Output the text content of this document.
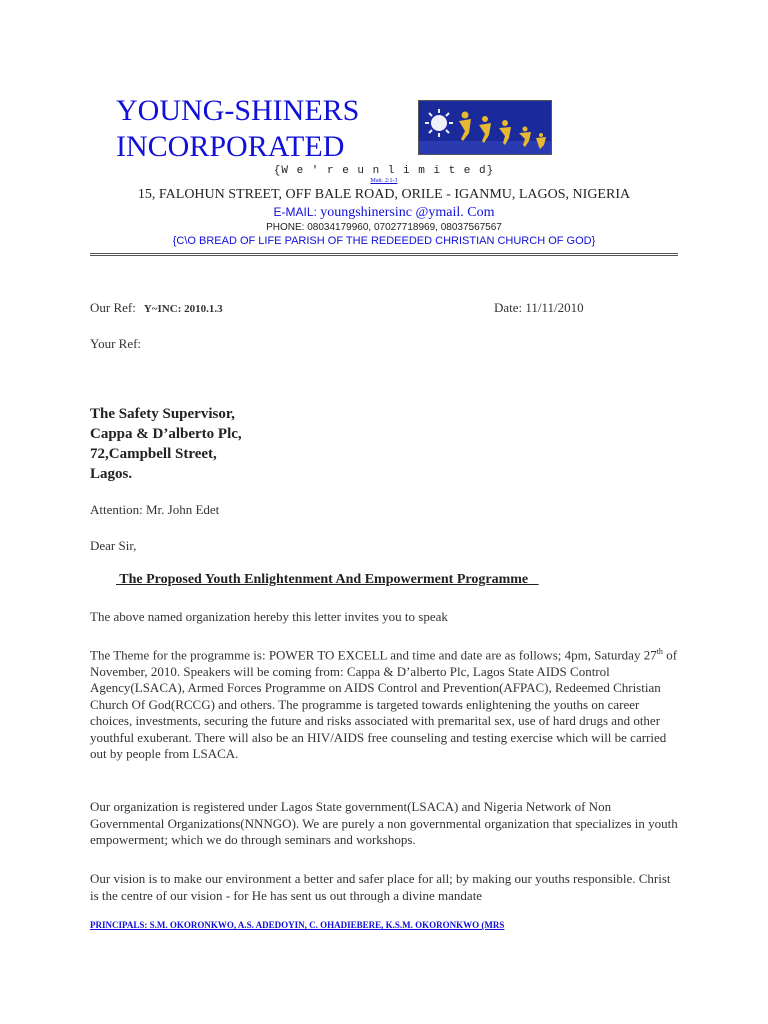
YOUNG-SHINERS
INCORPORATED
{W e ' r e u n l i m i t e d}
Matt. 2:1-3
15, FALOHUN STREET, OFF BALE ROAD, ORILE - IGANMU, LAGOS, NIGERIA
E-MAIL: youngshinersinc @ymail. Com
PHONE: 08034179960, 07027718969, 08037567567
{C\O BREAD OF LIFE PARISH OF THE REDEEDED CHRISTIAN CHURCH OF GOD}
Our Ref: Y~INC: 2010.1.3	Date: 11/11/2010
Your Ref:
The Safety Supervisor,
Cappa & D’alberto Plc,
72,Campbell Street,
Lagos.
Attention: Mr. John Edet
Dear Sir,
The Proposed Youth Enlightenment And Empowerment Programme
The above named organization hereby this letter invites you to speak
The Theme for the programme is: POWER TO EXCELL and time and date are as follows; 4pm, Saturday 27th of November, 2010. Speakers will be coming from: Cappa & D’alberto Plc, Lagos State AIDS Control Agency(LSACA), Armed Forces Programme on AIDS Control and Prevention(AFPAC), Redeemed Christian Church Of God(RCCG) and others. The programme is targeted towards enlightening the youths on career choices, investments, securing the future and risks associated with premarital sex, use of hard drugs and other youthful exuberant. There will also be an HIV/AIDS free counseling and testing exercise which will be carried out by people from LSACA.
Our organization is registered under Lagos State government(LSACA) and Nigeria Network of Non Governmental Organizations(NNNGO). We are purely a non governmental organization that specializes in youth empowerment; which we do through seminars and workshops.
Our vision is to make our environment a better and safer place for all; by making our youths responsible. Christ is the centre of our vision - for He has sent us out through a divine mandate
PRINCIPALS: S.M. OKORONKWO, A.S. ADEDOYIN, C. OHADIEBERE, K.S.M. OKORONKWO (MRS
